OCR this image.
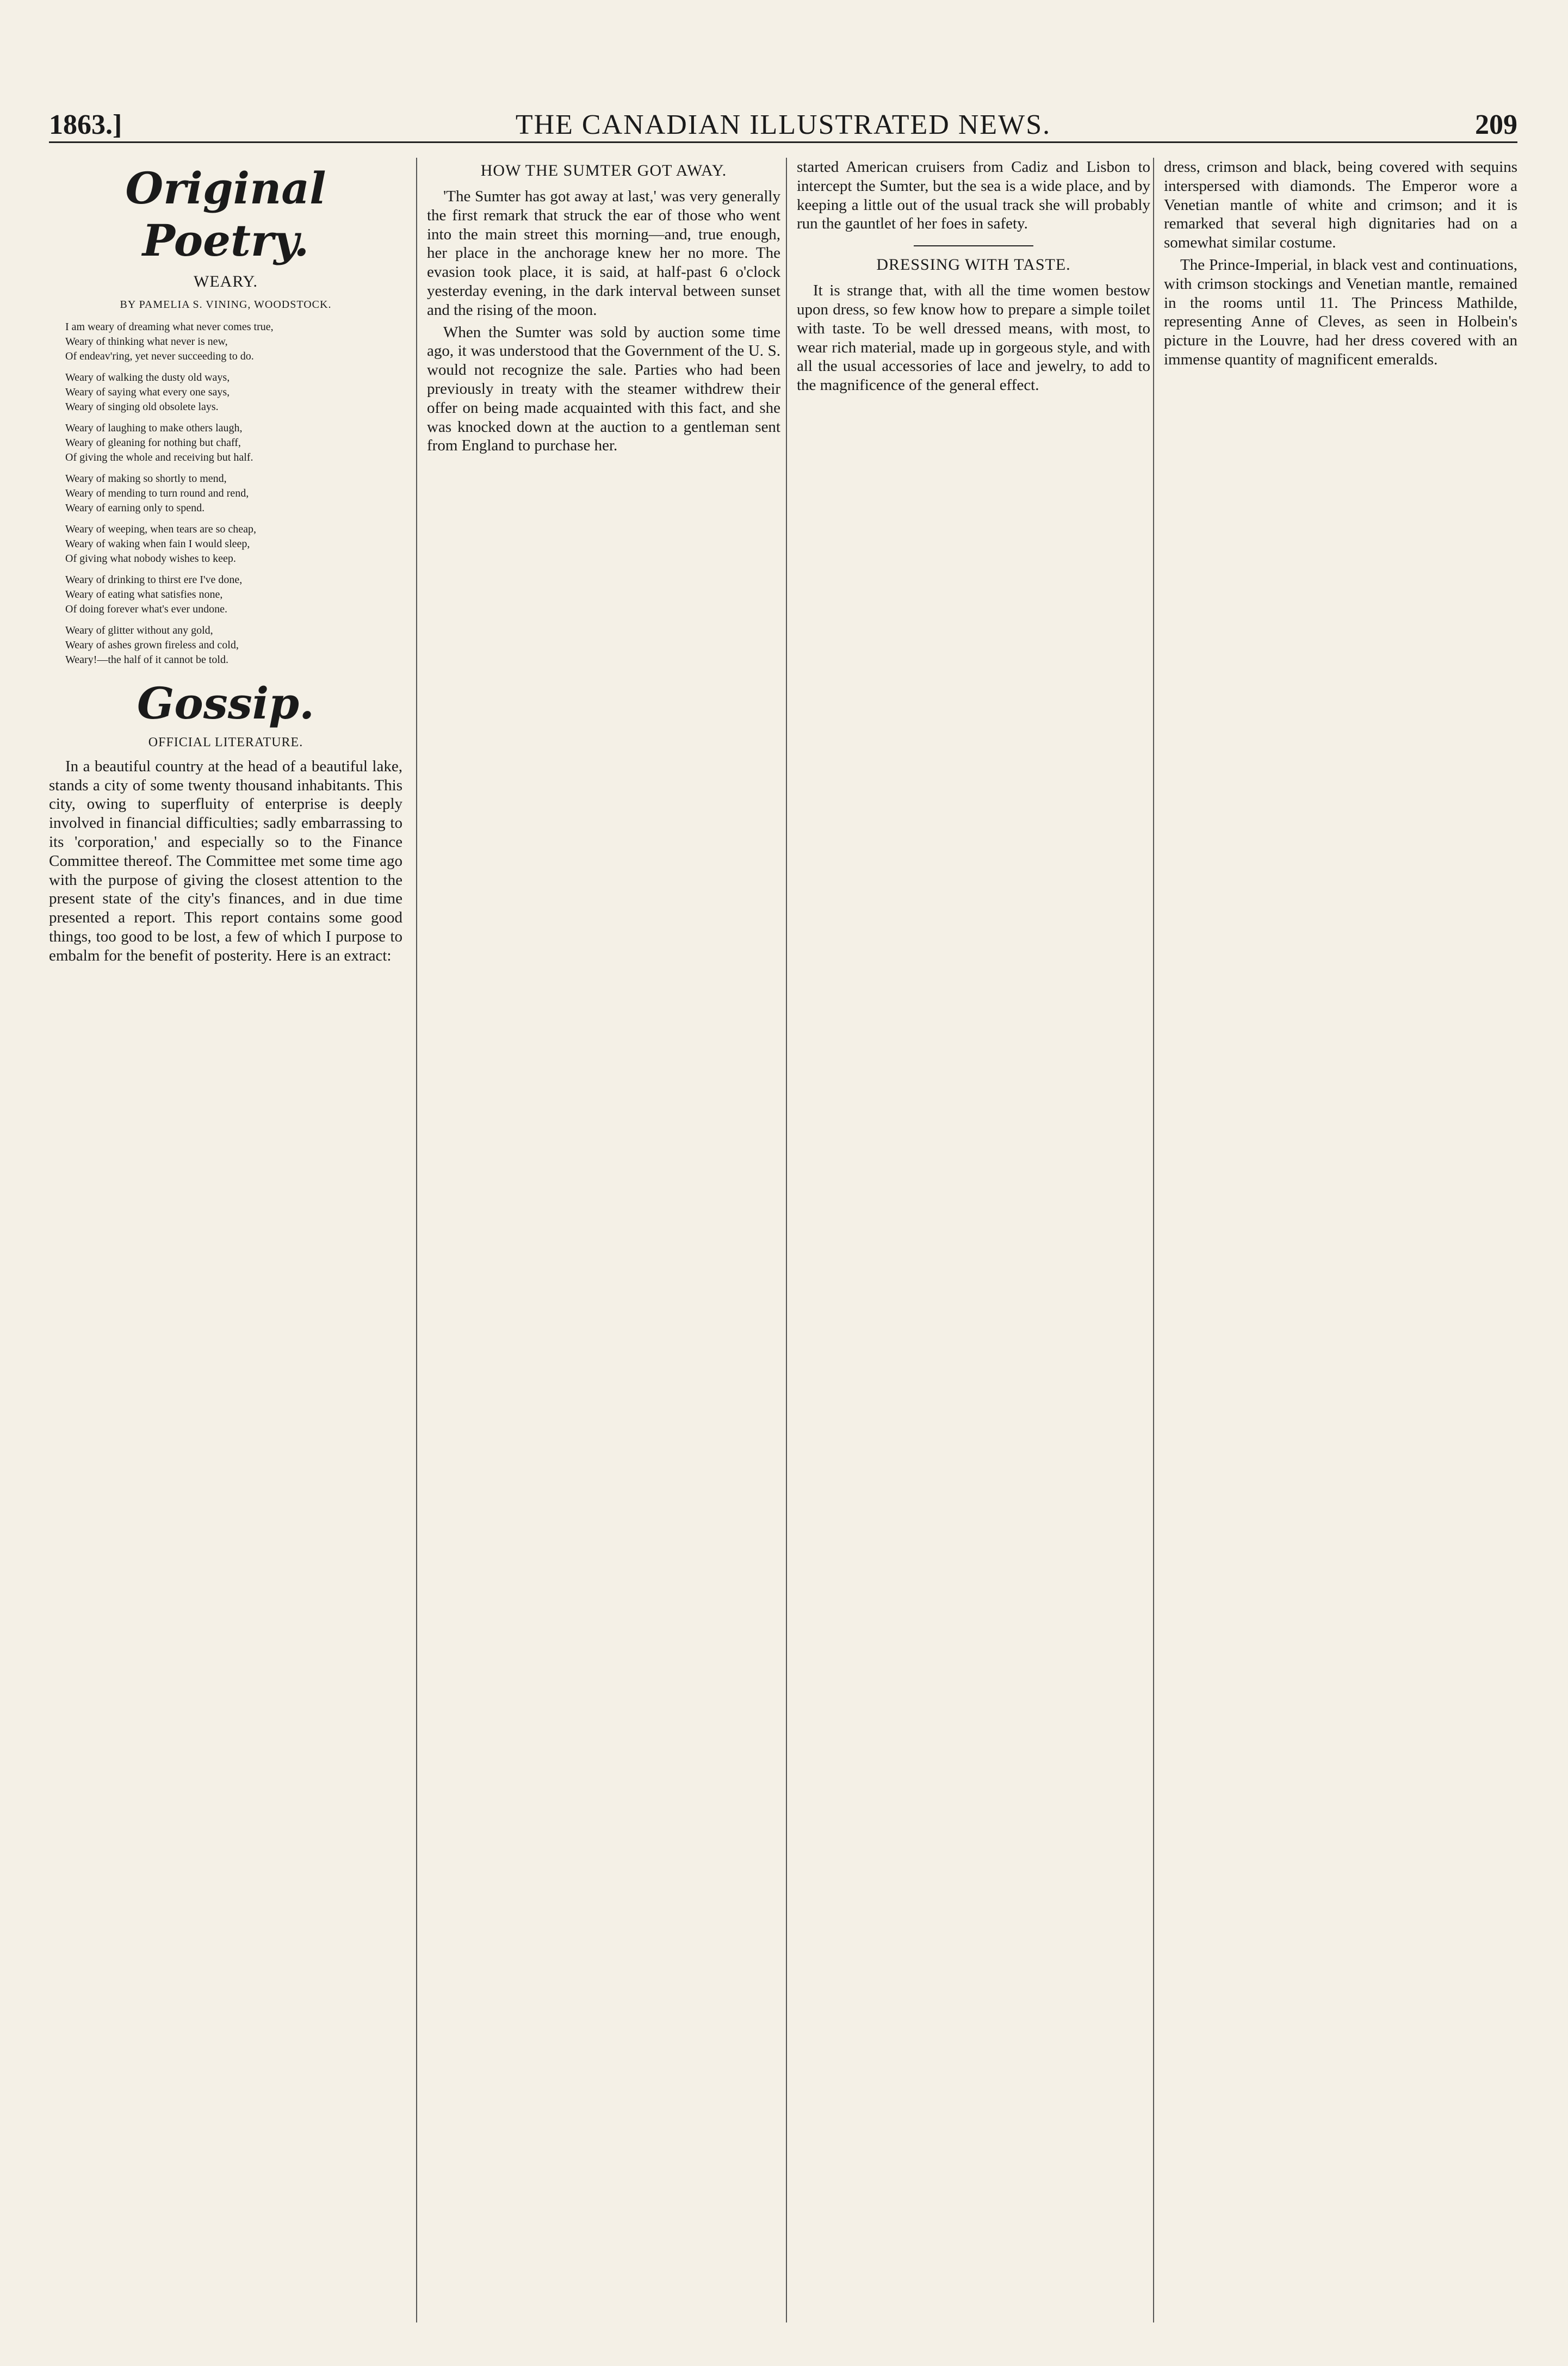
1863.]	THE CANADIAN ILLUSTRATED NEWS.	209
Original Poetry.
WEARY.
BY PAMELIA S. VINING, WOODSTOCK.
I am weary of dreaming what never comes true,
Weary of thinking what never is new,
Of endeav'ring, yet never succeeding to do.
Weary of walking the dusty old ways,
Weary of saying what every one says,
Weary of singing old obsolete lays.
Weary of laughing to make others laugh,
Weary of gleaning for nothing but chaff,
Of giving the whole and receiving but half.
Weary of making so shortly to mend,
Weary of mending to turn round and rend,
Weary of earning only to spend.
Weary of weeping, when tears are so cheap,
Weary of waking when fain I would sleep,
Of giving what nobody wishes to keep.
Weary of drinking to thirst ere I've done,
Weary of eating what satisfies none,
Of doing forever what's ever undone.
Weary of glitter without any gold,
Weary of ashes grown fireless and cold,
Weary!—the half of it cannot be told.
Gossip.
OFFICIAL LITERATURE.

In a beautiful country at the head of a beautiful lake, stands a city of some twenty thousand inhabitants. This city, owing to superfluity of enterprise is deeply involved in financial difficulties; sadly embarrassing to its 'corporation,' and especially so to the Finance Committee thereof. The Committee met some time ago with the purpose of giving the closest attention to the present state of the city's finances, and in due time presented a report. This report contains some good things, too good to be lost, a few of which I purpose to embalm for the benefit of posterity. Here is an extract:

HOW THE SUMTER GOT AWAY.

'The Sumter has got away at last,' was very generally the first remark that struck the ear of those who went into the main street this morning—and, true enough, her place in the anchorage knew her no more. The evasion took place, it is said, at half-past 6 o'clock yesterday evening, in the dark interval between sunset and the rising of the moon.

When the Sumter was sold by auction some time ago, it was understood that the Government of the U. S. would not recognize the sale. Parties who had been previously in treaty with the steamer withdrew their offer on being made acquainted with this fact, and she was knocked down at the auction to a gentleman sent from England to purchase her.

started American cruisers from Cadiz and Lisbon to intercept the Sumter, but the sea is a wide place, and by keeping a little out of the usual track she will probably run the gauntlet of her foes in safety.

DRESSING WITH TASTE.

It is strange that, with all the time women bestow upon dress, so few know how to prepare a simple toilet with taste. To be well dressed means, with most, to wear rich material, made up in gorgeous style, and with all the usual accessories of lace and jewelry, to add to the magnificence of the general effect.

dress, crimson and black, being covered with sequins interspersed with diamonds. The Emperor wore a Venetian mantle of white and crimson; and it is remarked that several high dignitaries had on a somewhat similar costume.

The Prince-Imperial, in black vest and continuations, with crimson stockings and Venetian mantle, remained in the rooms until 11. The Princess Mathilde, representing Anne of Cleves, as seen in Holbein's picture in the Louvre, had her dress covered with an immense quantity of magnificent emeralds.
